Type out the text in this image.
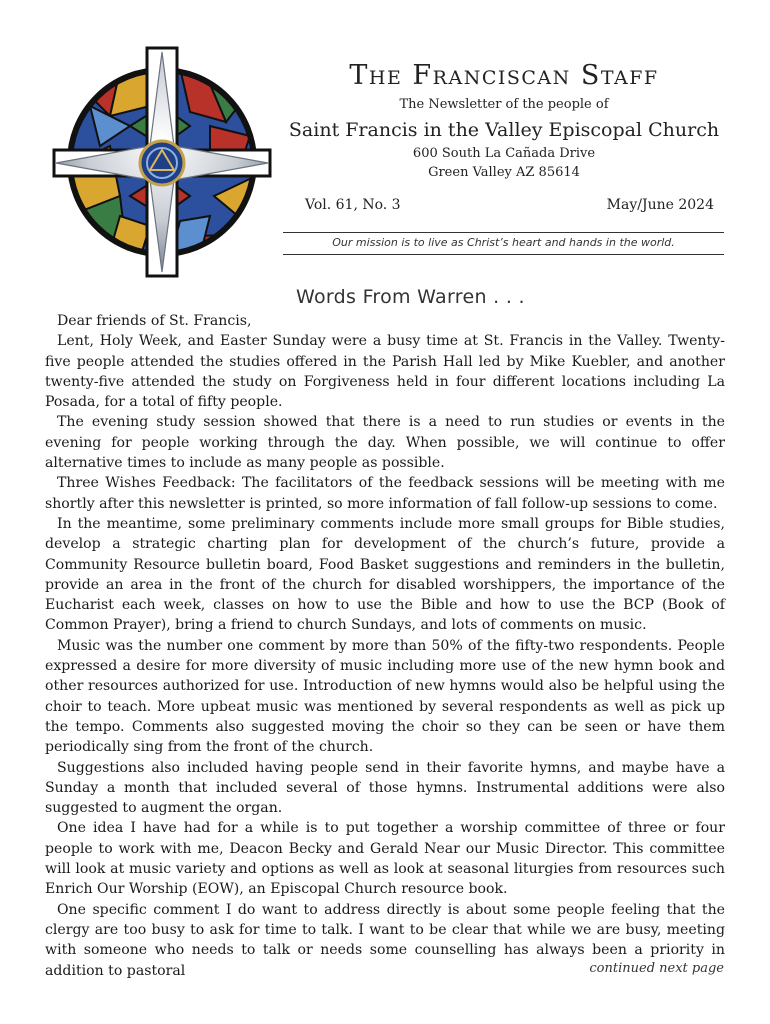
The Franciscan Staff
The Newsletter of the people of
Saint Francis in the Valley Episcopal Church
600 South La Cañada Drive
Green Valley AZ 85614
Vol. 61, No. 3	May/June 2024
Our mission is to live as Christ’s heart and hands in the world.
Words From Warren . . .

Dear friends of St. Francis,

Lent, Holy Week, and Easter Sunday were a busy time at St. Francis in the Valley. Twenty-five people attended the studies offered in the Parish Hall led by Mike Kuebler, and another twenty-five attended the study on Forgiveness held in four different locations including La Posada, for a total of fifty people.

The evening study session showed that there is a need to run studies or events in the evening for people working through the day. When possible, we will continue to offer alternative times to include as many people as possible.

Three Wishes Feedback: The facilitators of the feedback sessions will be meeting with me shortly after this newsletter is printed, so more information of fall follow-up sessions to come.

In the meantime, some preliminary comments include more small groups for Bible studies, develop a strategic charting plan for development of the church’s future, provide a Community Resource bulletin board, Food Basket suggestions and reminders in the bulletin, provide an area in the front of the church for disabled worshippers, the importance of the Eucharist each week, classes on how to use the Bible and how to use the BCP (Book of Common Prayer), bring a friend to church Sundays, and lots of comments on music.

Music was the number one comment by more than 50% of the fifty-two respondents. People expressed a desire for more diversity of music including more use of the new hymn book and other resources authorized for use. Introduction of new hymns would also be helpful using the choir to teach. More upbeat music was mentioned by several respondents as well as pick up the tempo. Comments also suggested moving the choir so they can be seen or have them periodically sing from the front of the church.

Suggestions also included having people send in their favorite hymns, and maybe have a Sunday a month that included several of those hymns. Instrumental additions were also suggested to augment the organ.

One idea I have had for a while is to put together a worship committee of three or four people to work with me, Deacon Becky and Gerald Near our Music Director. This committee will look at music variety and options as well as look at seasonal liturgies from resources such Enrich Our Worship (EOW), an Episcopal Church resource book.

One specific comment I do want to address directly is about some people feeling that the clergy are too busy to ask for time to talk. I want to be clear that while we are busy, meeting with someone who needs to talk or needs some counselling has always been a priority in addition to pastoral	continued next page
